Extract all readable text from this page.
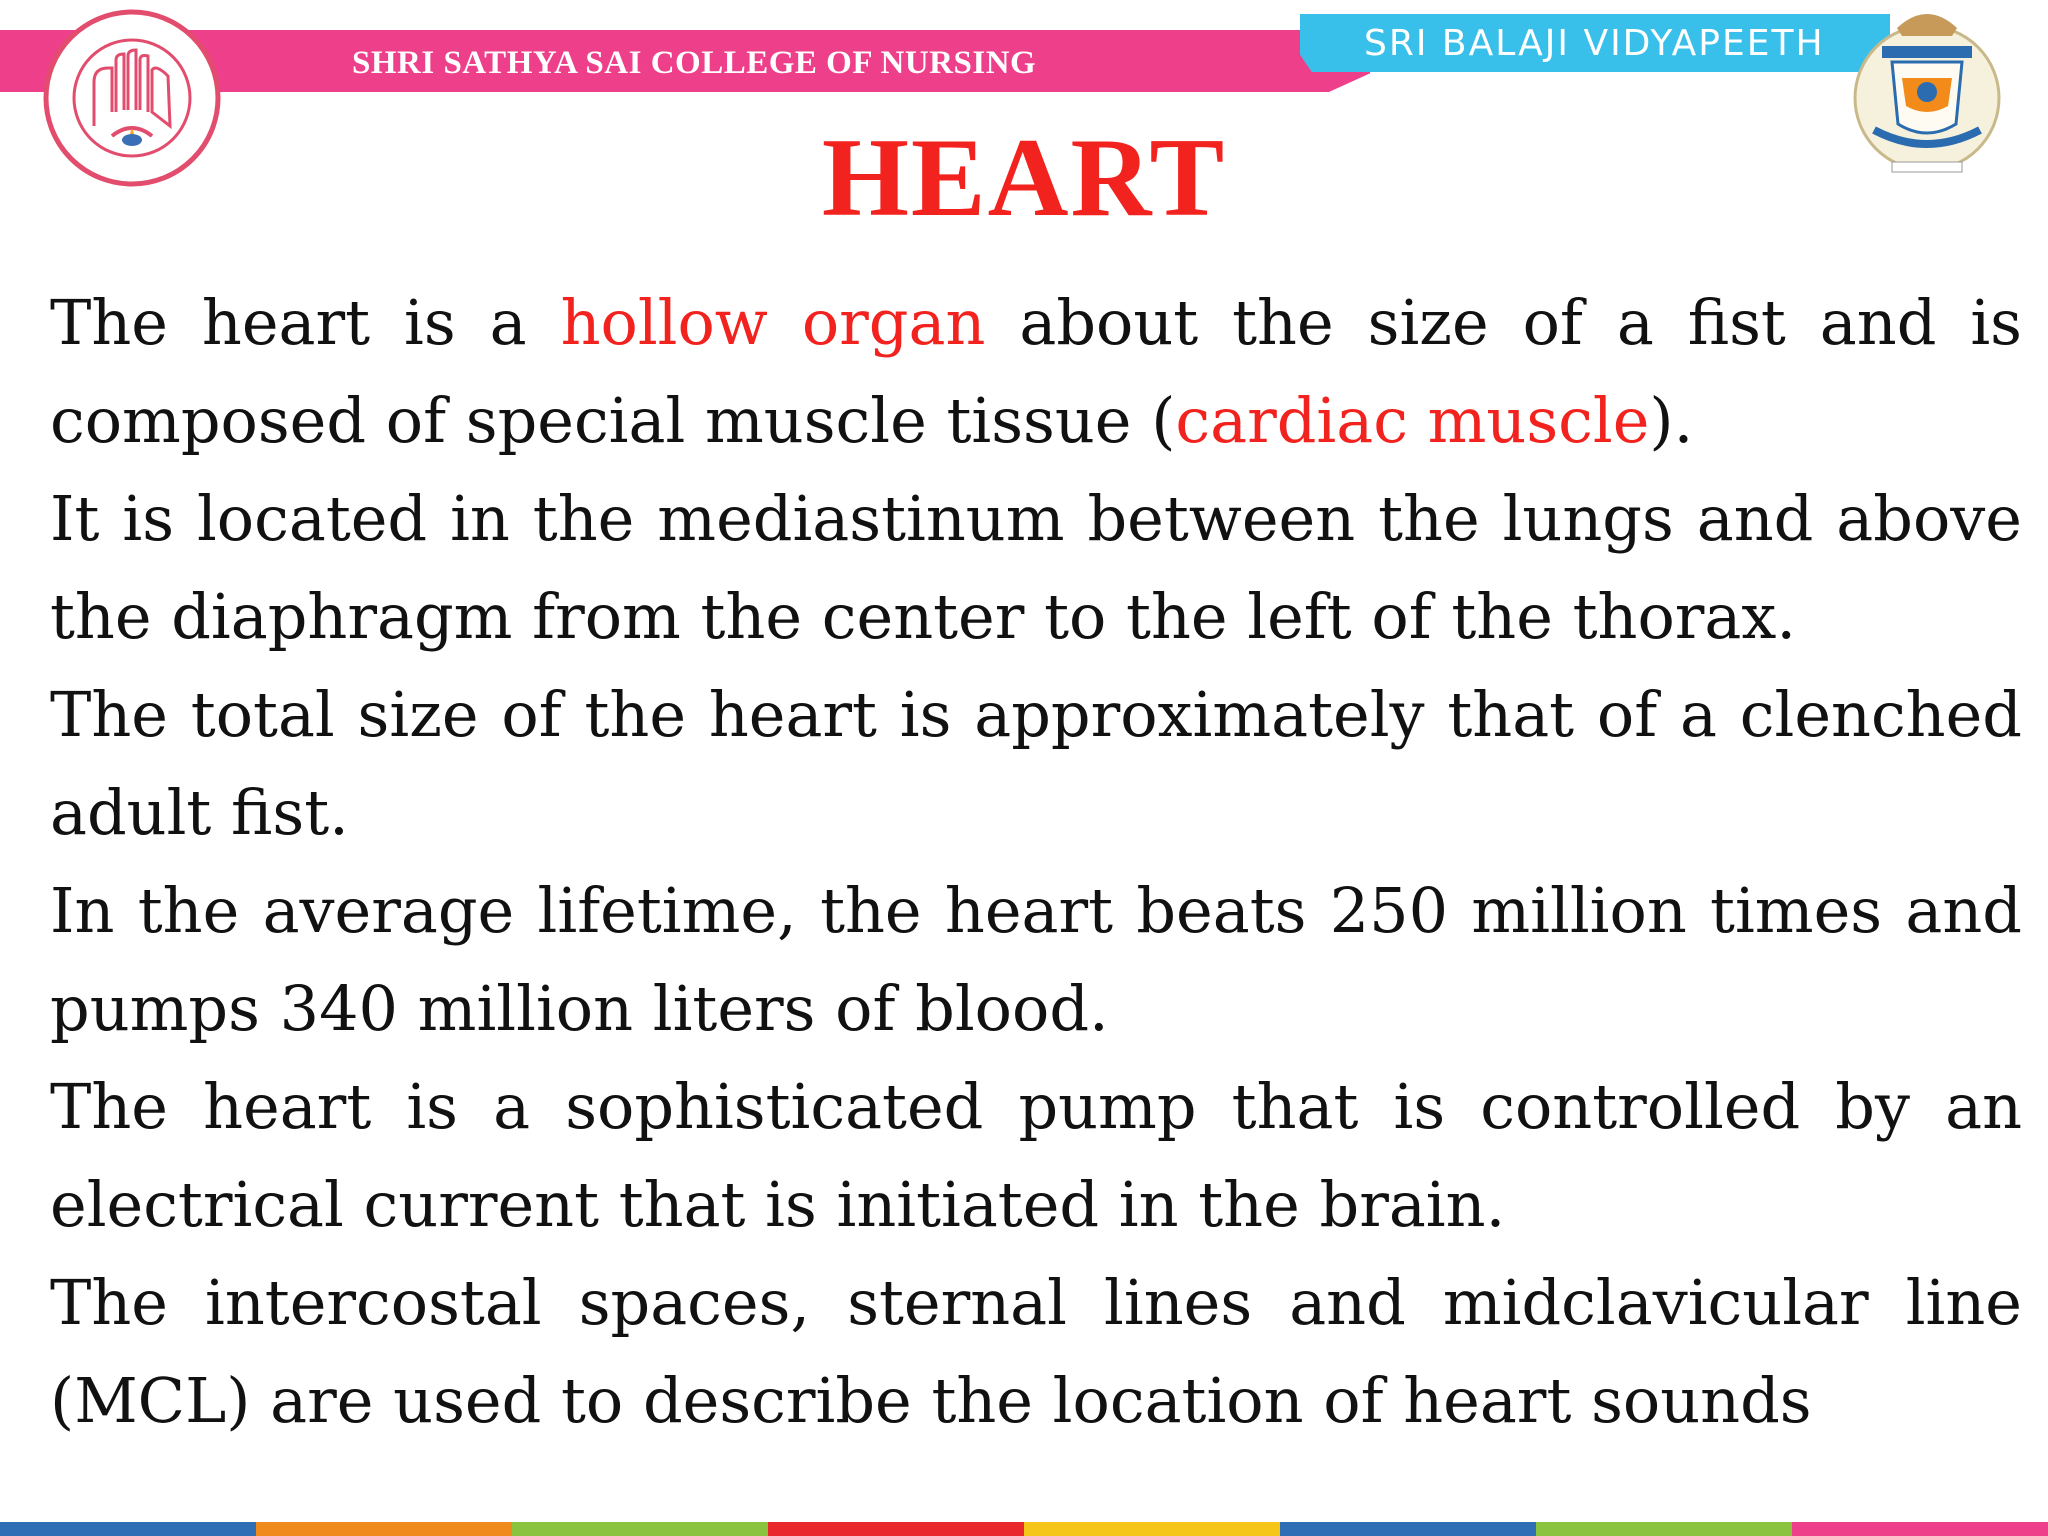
SHRI SATHYA SAI COLLEGE OF NURSING	SRI BALAJI VIDYAPEETH
HEART

The heart is a hollow organ about the size of a fist and is composed of special muscle tissue (cardiac muscle).

It is located in the mediastinum between the lungs and above the diaphragm from the center to the left of the thorax.

The total size of the heart is approximately that of a clenched adult fist.

In the average lifetime, the heart beats 250 million times and pumps 340 million liters of blood.

The heart is a sophisticated pump that is controlled by an electrical current that is initiated in the brain.

The intercostal spaces, sternal lines and midclavicular line (MCL) are used to describe the location of heart sounds
